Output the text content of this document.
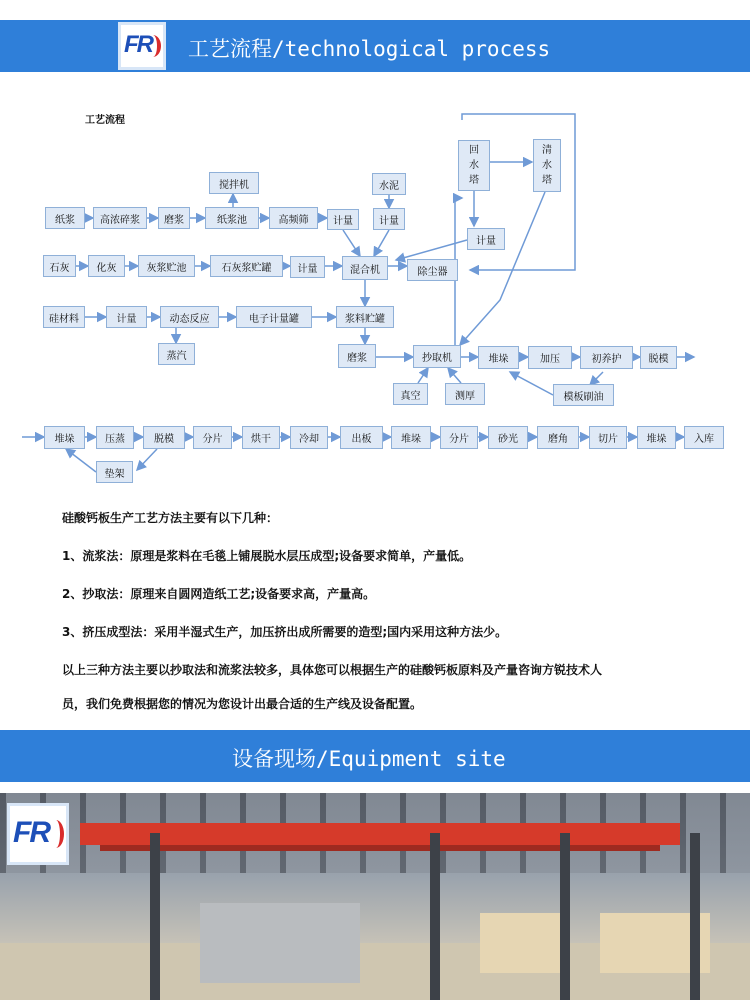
FR 工艺流程/technological process
工艺流程
纸浆	高浓碎浆	磨浆	纸浆池	高频筛	计量	计量
搅拌机	水泥
回
水
塔
清
水
塔
计量
石灰	化灰	灰浆贮池	石灰浆贮罐	计量	混合机	除尘器
硅材料	计量	动态反应	电子计量罐	浆料贮罐
蒸汽	磨浆	抄取机	堆垛	加压	初养护	脱模
真空	测厚	模板刷油
堆垛	压蒸	脱模	分片	烘干	冷却	出板	堆垛	分片	砂光	磨角	切片	堆垛	入库
垫架

硅酸钙板生产工艺方法主要有以下几种：

1、流浆法：原理是浆料在毛毯上铺展脱水层压成型;设备要求简单，产量低。

2、抄取法：原理来自圆网造纸工艺;设备要求高，产量高。

3、挤压成型法：采用半湿式生产，加压挤出成所需要的造型;国内采用这种方法少。

以上三种方法主要以抄取法和流浆法较多，具体您可以根据生产的硅酸钙板原料及产量咨询方锐技术人

员，我们免费根据您的情况为您设计出最合适的生产线及设备配置。

设备现场/Equipment site
FR
